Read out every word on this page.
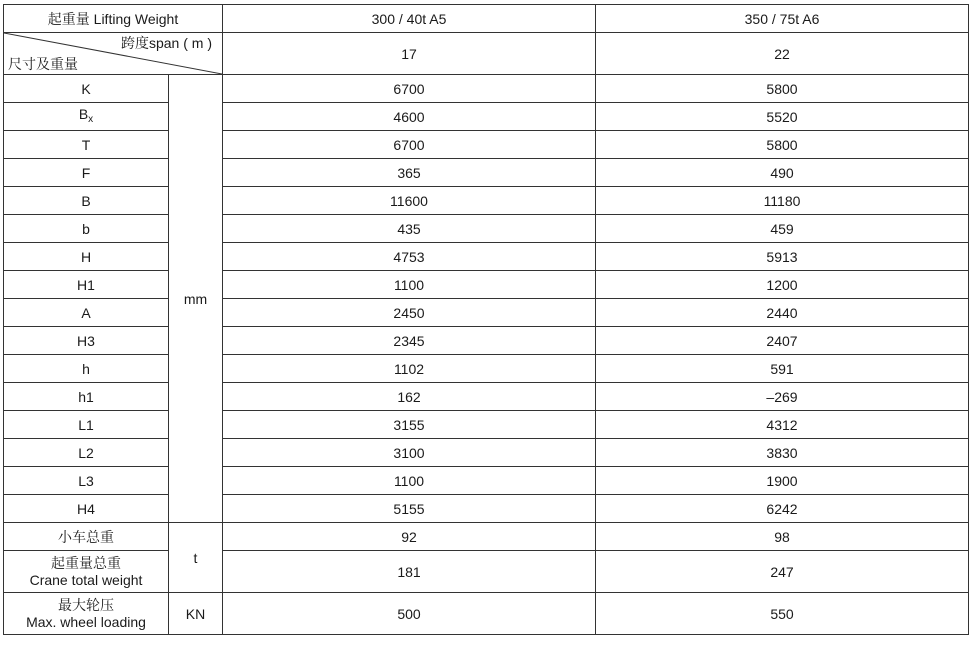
起重量 Lifting Weight		300 / 40t A5	350 / 75t A6

跨度span ( m )
尺寸及重量		17	22
K	mm	6700	5800
$B_x$		4600	5520
T		6700	5800
F		365	490
B		11600	11180
b		435	459
H		4753	5913
H1		1100	1200
A		2450	2440
H3		2345	2407
h		1102	591
h1		162	–269
L1		3155	4312
L2		3100	3830
L3		1100	1900
H4		5155	6242
小车总重	t	92	98

起重量总重
Crane total weight		181	247

最大轮压
Max. wheel loading	KN	500	550
